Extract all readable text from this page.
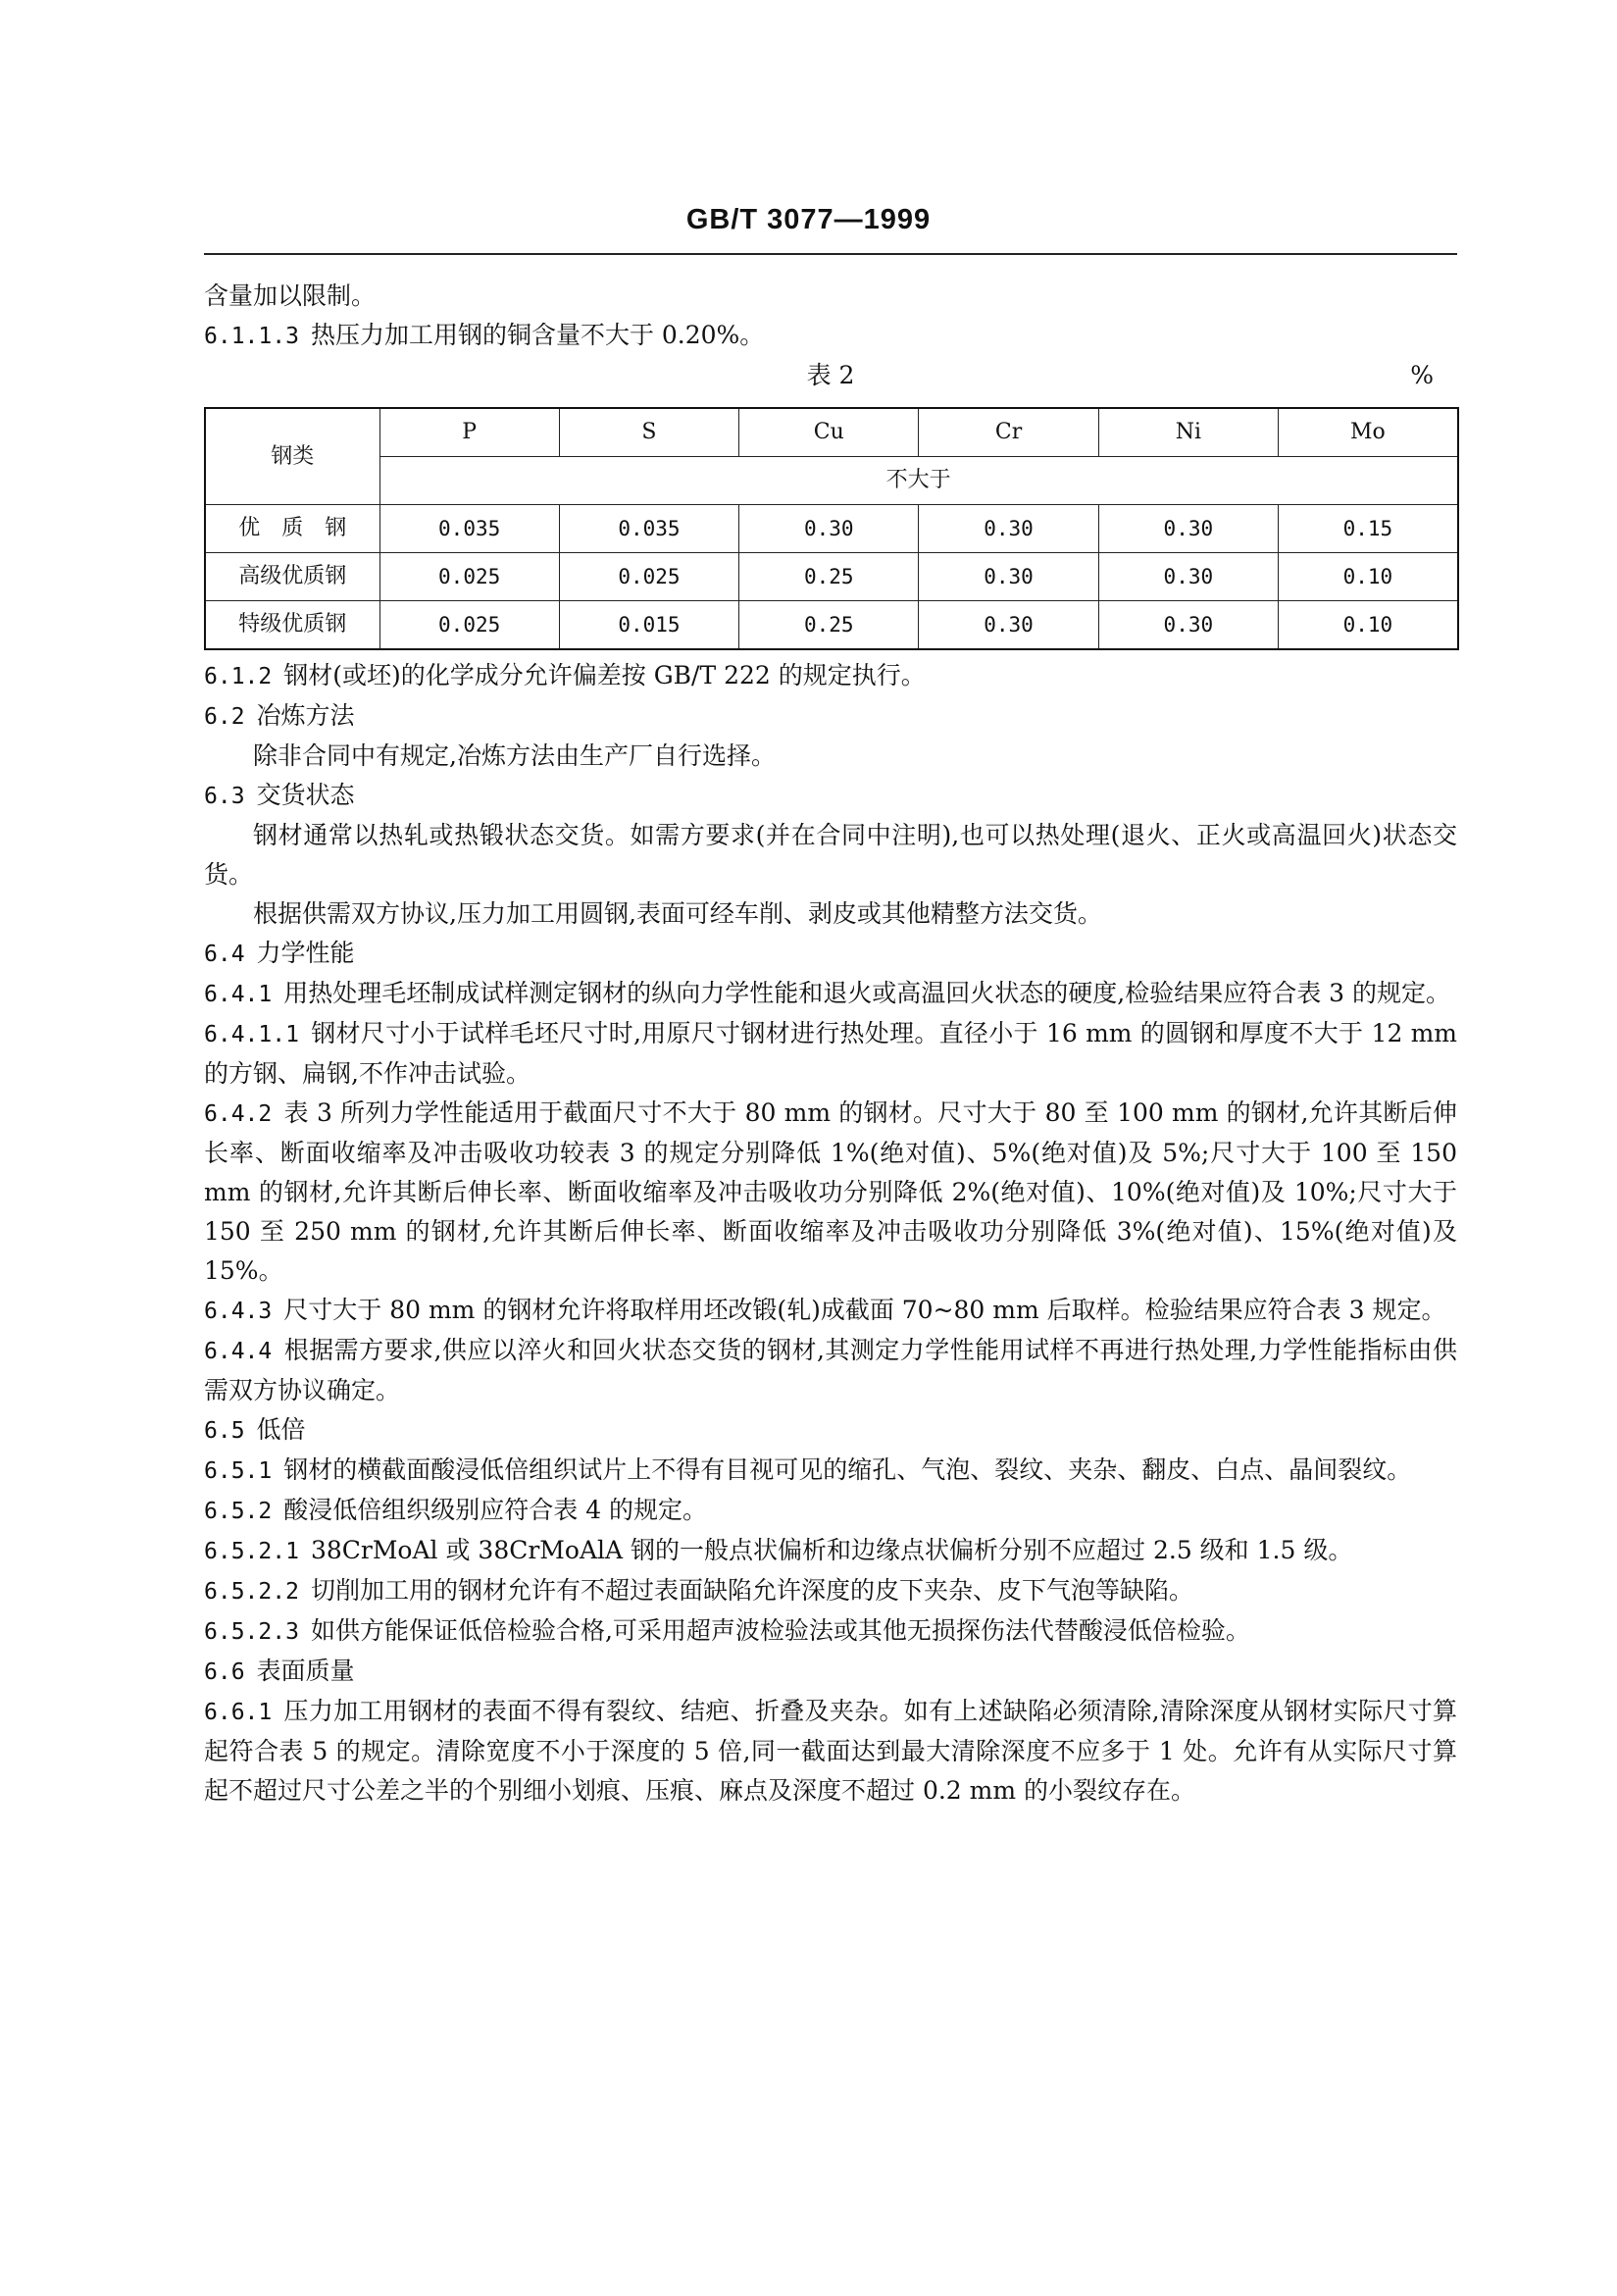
GB/T 3077—1999

含量加以限制。

6.1.1.3 热压力加工用钢的铜含量不大于 0.20%。

表 2	%
钢类	P	S	Cu	Cr	Ni	Mo
	不大于					
优　质　钢	0.035	0.035	0.30	0.30	0.30	0.15
高级优质钢	0.025	0.025	0.25	0.30	0.30	0.10
特级优质钢	0.025	0.015	0.25	0.30	0.30	0.10

6.1.2 钢材(或坯)的化学成分允许偏差按 GB/T 222 的规定执行。

6.2 冶炼方法

除非合同中有规定,冶炼方法由生产厂自行选择。

6.3 交货状态

钢材通常以热轧或热锻状态交货。如需方要求(并在合同中注明),也可以热处理(退火、正火或高温回火)状态交货。

根据供需双方协议,压力加工用圆钢,表面可经车削、剥皮或其他精整方法交货。

6.4 力学性能

6.4.1 用热处理毛坯制成试样测定钢材的纵向力学性能和退火或高温回火状态的硬度,检验结果应符合表 3 的规定。

6.4.1.1 钢材尺寸小于试样毛坯尺寸时,用原尺寸钢材进行热处理。直径小于 16 mm 的圆钢和厚度不大于 12 mm 的方钢、扁钢,不作冲击试验。

6.4.2 表 3 所列力学性能适用于截面尺寸不大于 80 mm 的钢材。尺寸大于 80 至 100 mm 的钢材,允许其断后伸长率、断面收缩率及冲击吸收功较表 3 的规定分别降低 1%(绝对值)、5%(绝对值)及 5%;尺寸大于 100 至 150 mm 的钢材,允许其断后伸长率、断面收缩率及冲击吸收功分别降低 2%(绝对值)、10%(绝对值)及 10%;尺寸大于 150 至 250 mm 的钢材,允许其断后伸长率、断面收缩率及冲击吸收功分别降低 3%(绝对值)、15%(绝对值)及 15%。

6.4.3 尺寸大于 80 mm 的钢材允许将取样用坯改锻(轧)成截面 70~80 mm 后取样。检验结果应符合表 3 规定。

6.4.4 根据需方要求,供应以淬火和回火状态交货的钢材,其测定力学性能用试样不再进行热处理,力学性能指标由供需双方协议确定。

6.5 低倍

6.5.1 钢材的横截面酸浸低倍组织试片上不得有目视可见的缩孔、气泡、裂纹、夹杂、翻皮、白点、晶间裂纹。

6.5.2 酸浸低倍组织级别应符合表 4 的规定。

6.5.2.1 38CrMoAl 或 38CrMoAlA 钢的一般点状偏析和边缘点状偏析分别不应超过 2.5 级和 1.5 级。

6.5.2.2 切削加工用的钢材允许有不超过表面缺陷允许深度的皮下夹杂、皮下气泡等缺陷。

6.5.2.3 如供方能保证低倍检验合格,可采用超声波检验法或其他无损探伤法代替酸浸低倍检验。

6.6 表面质量

6.6.1 压力加工用钢材的表面不得有裂纹、结疤、折叠及夹杂。如有上述缺陷必须清除,清除深度从钢材实际尺寸算起符合表 5 的规定。清除宽度不小于深度的 5 倍,同一截面达到最大清除深度不应多于 1 处。允许有从实际尺寸算起不超过尺寸公差之半的个别细小划痕、压痕、麻点及深度不超过 0.2 mm 的小裂纹存在。
